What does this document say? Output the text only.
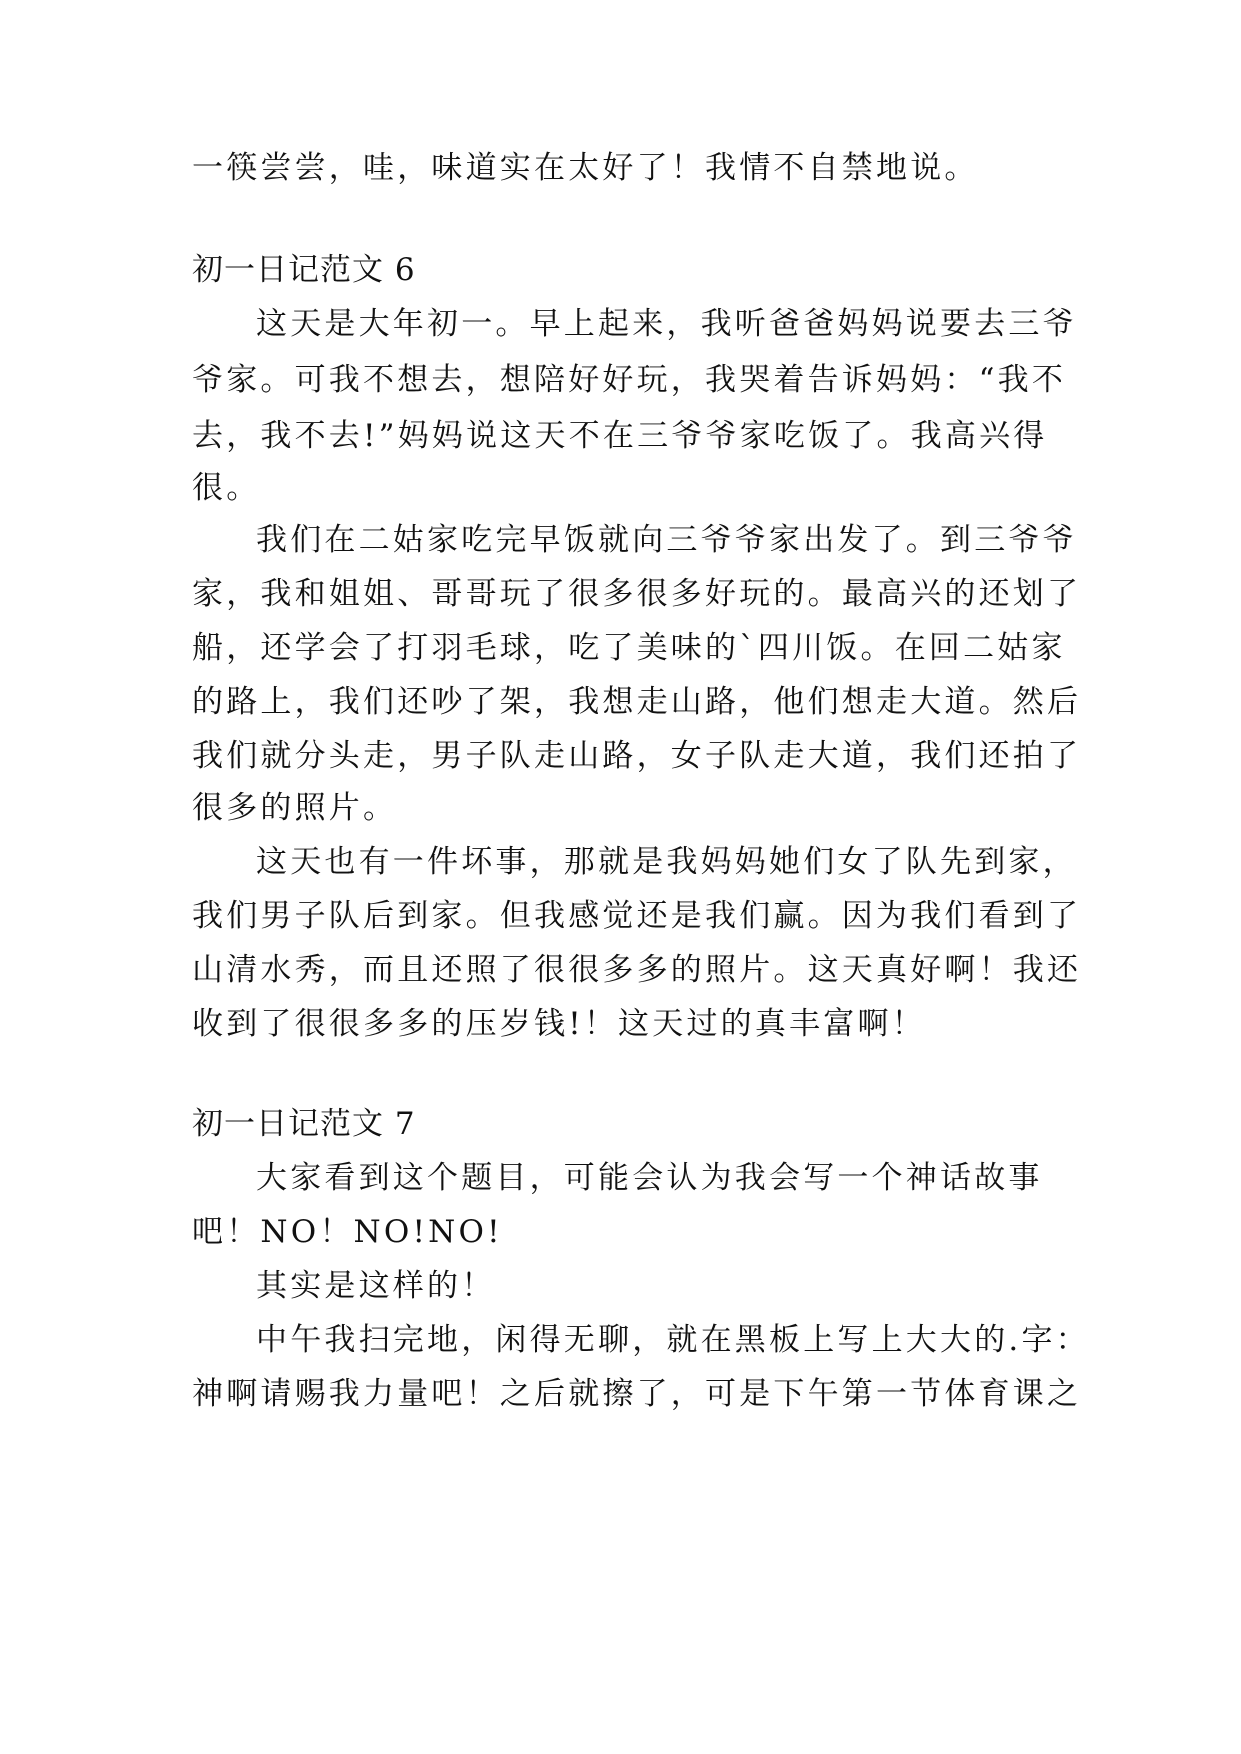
一筷尝尝，哇，味道实在太好了！我情不自禁地说。
初一日记范文 6
这天是大年初一。早上起来，我听爸爸妈妈说要去三爷
爷家。可我不想去，想陪好好玩，我哭着告诉妈妈：“我不
去，我不去!”妈妈说这天不在三爷爷家吃饭了。我高兴得
很。
我们在二姑家吃完早饭就向三爷爷家出发了。到三爷爷
家，我和姐姐、哥哥玩了很多很多好玩的。最高兴的还划了
船，还学会了打羽毛球，吃了美味的`四川饭。在回二姑家
的路上，我们还吵了架，我想走山路，他们想走大道。然后
我们就分头走，男子队走山路，女子队走大道，我们还拍了
很多的照片。
这天也有一件坏事，那就是我妈妈她们女了队先到家，
我们男子队后到家。但我感觉还是我们赢。因为我们看到了
山清水秀，而且还照了很很多多的照片。这天真好啊！我还
收到了很很多多的压岁钱!！这天过的真丰富啊！
初一日记范文 7
大家看到这个题目，可能会认为我会写一个神话故事
吧！NO！NO!NO!
其实是这样的！
中午我扫完地，闲得无聊，就在黑板上写上大大的.字：
神啊请赐我力量吧！之后就擦了，可是下午第一节体育课之
